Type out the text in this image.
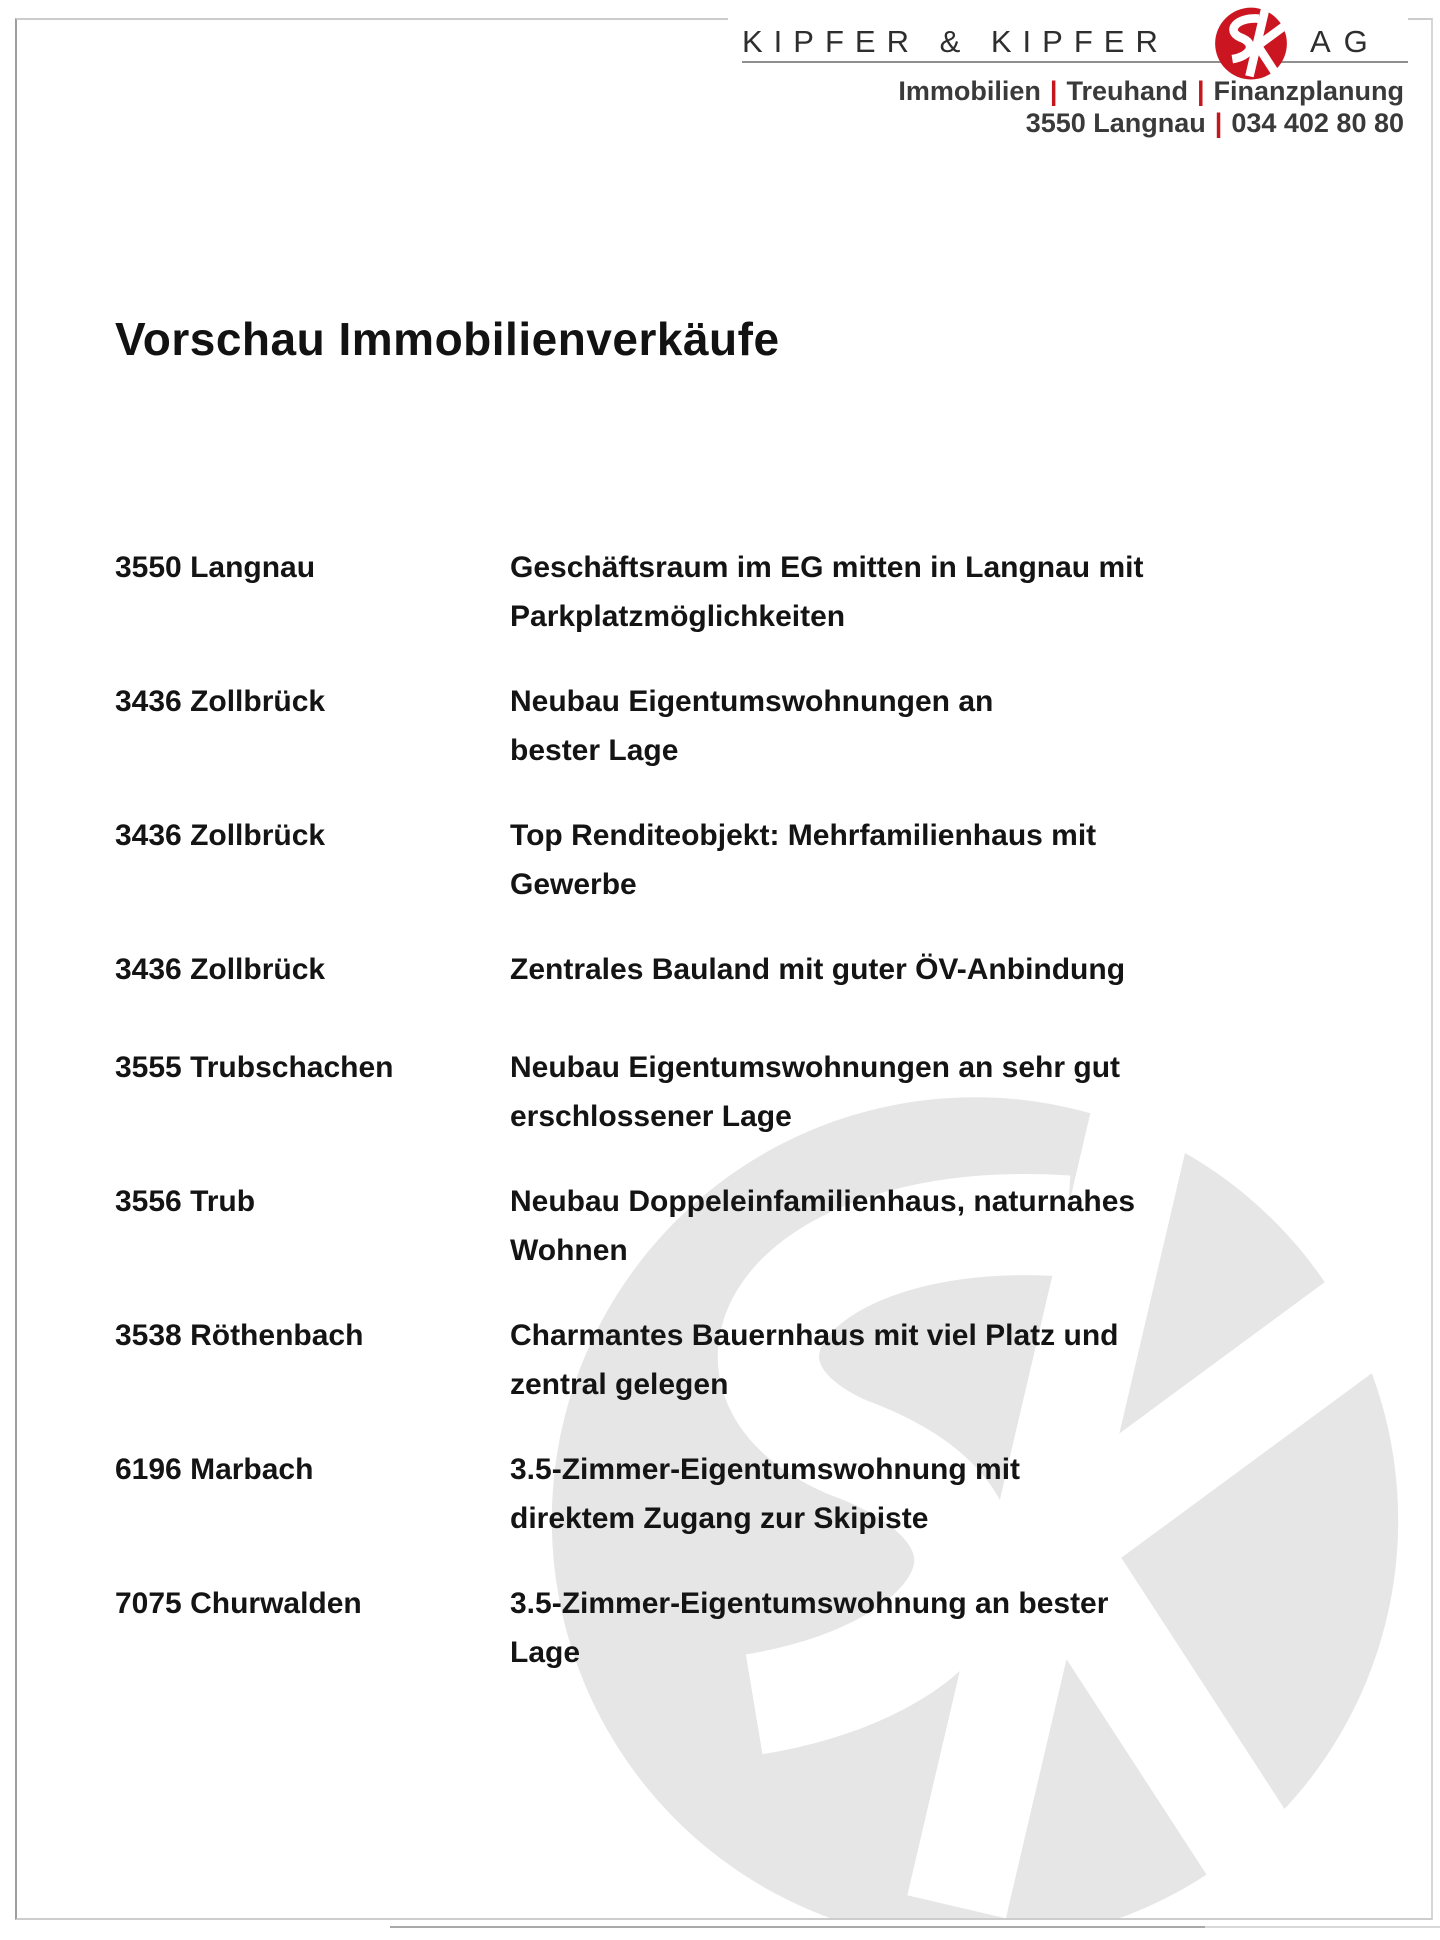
Vorschau Immobilienverkäufe
3550 Langnau	Geschäftsraum im EG mitten in Langnau mit
Parkplatzmöglichkeiten
3436 Zollbrück	Neubau Eigentumswohnungen an
bester Lage
3436 Zollbrück	Top Renditeobjekt: Mehrfamilienhaus mit
Gewerbe
3436 Zollbrück	Zentrales Bauland mit guter ÖV-Anbindung
3555 Trubschachen	Neubau Eigentumswohnungen an sehr gut
erschlossener Lage
3556 Trub	Neubau Doppeleinfamilienhaus, naturnahes
Wohnen
3538 Röthenbach	Charmantes Bauernhaus mit viel Platz und
zentral gelegen
6196 Marbach	3.5-Zimmer-Eigentumswohnung mit
direktem Zugang zur Skipiste
7075 Churwalden	3.5-Zimmer-Eigentumswohnung an bester
Lage
KIPFER & KIPFER	AG
Immobilien | Treuhand | Finanzplanung
3550 Langnau | 034 402 80 80
